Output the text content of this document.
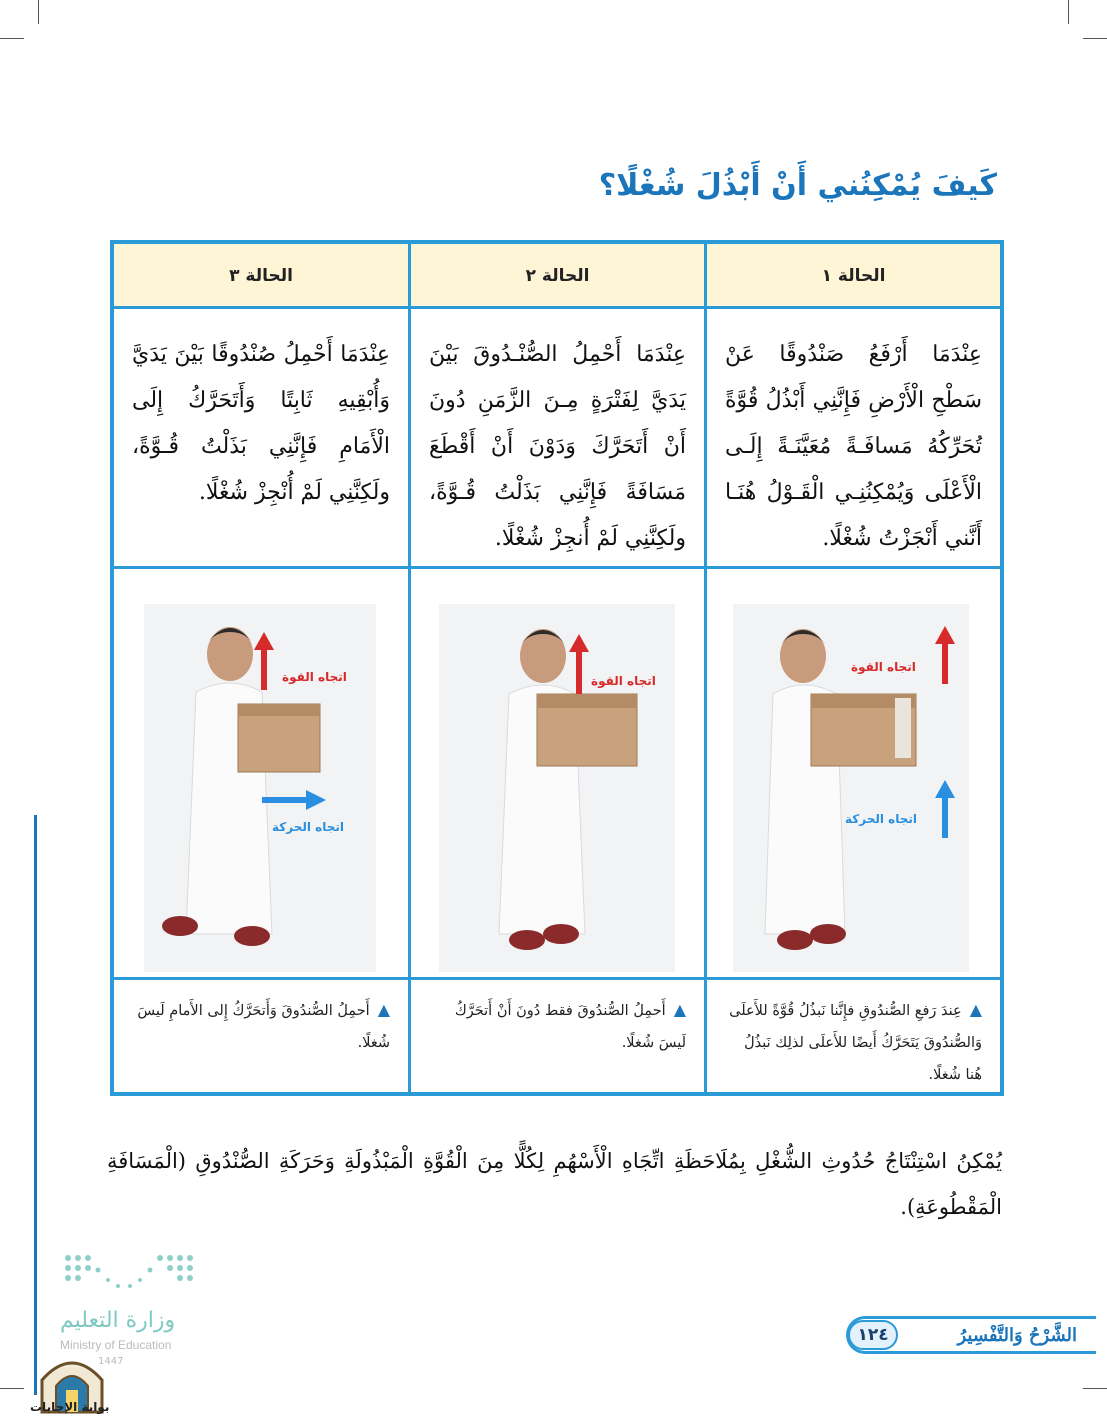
كَيفَ يُمْكِنُني أَنْ أَبْذُلَ شُغْلًا؟
الحالة ١
عِنْدَمَا أَرْفَعُ صَنْدُوقًا عَنْ سَطْحِ الْأَرْضِ فَإِنَّنِي أَبْذُلُ قُوَّةً تُحَرِّكُهُ مَسافَـةً مُعَيَّنَـةً إِلَـى الْأَعْلَى وَيُمْكِنُنِـي الْقَـوْلُ هُنَـا أَنَّني أَنْجَزْتُ شُغْلًا.
اتجاه القوة
اتجاه الحركة
▲عِندَ رَفعِ الصُّندُوقِ فإِنَّنا نَبذُلُ قُوَّةً للأَعلَى وَالصُّندُوقَ يَتَحَرَّكُ أَيضًا للأَعلَى لذلِك نَبذُلُ هُنا شُغلًا.
الحالة ٢
عِنْدَمَا أَحْمِلُ الصُّنْـدُوقَ بَيْنَ يَدَيَّ لِفَتْرَةٍ مِـنَ الزَّمَنِ دُونَ أَنْ أَتَحَرَّكَ وَدَوْنَ أَنْ أَقْطَعَ مَسَافَةً فَإِنَّنِي بَذَلْتُ قُـوَّةً، ولَكِنَّنِي لَمْ أُنجِزْ شُغْلًا.
اتجاه القوة
▲أَحمِلُ الصُّندُوقَ فقط دُونَ أَنْ أَتحَرَّكُ لَيسَ شُغلًا.
الحالة ٣
عِنْدَمَا أَحْمِلُ صُنْدُوقًا بَيْنَ يَدَيَّ وَأُبْقِيهِ ثَابِتًا وَأَتَحَرَّكُ إِلَى الْأَمَامِ فَإِنَّنِي بَذَلْتُ قُـوَّةً، ولَكِنَّنِي لَمْ أُنْجِزْ شُغْلًا.
اتجاه القوة
اتجاه الحركة
▲أَحمِلُ الصُّندُوقَ وَأَتحَرَّكُ إِلى الأَمامِ لَيسَ شُغلًا.

يُمْكِنُ اسْتِنْتَاجُ حُدُوثِ الشُّغْلِ بِمُلَاحَظَةِ اتِّجَاهِ الْأَسْهُمِ لِكُلًّا مِنَ الْقُوَّةِ الْمَبْذُولَةِ وَحَرَكَةِ الصُّنْدُوقِ (الْمَسَافَةِ الْمَقْطُوعَةِ).

وزارة التعليم
Ministry of Education
1447
بوابة الإجابات
الشَّرْحُ وَالتَّفْسِيرُ
١٢٤
